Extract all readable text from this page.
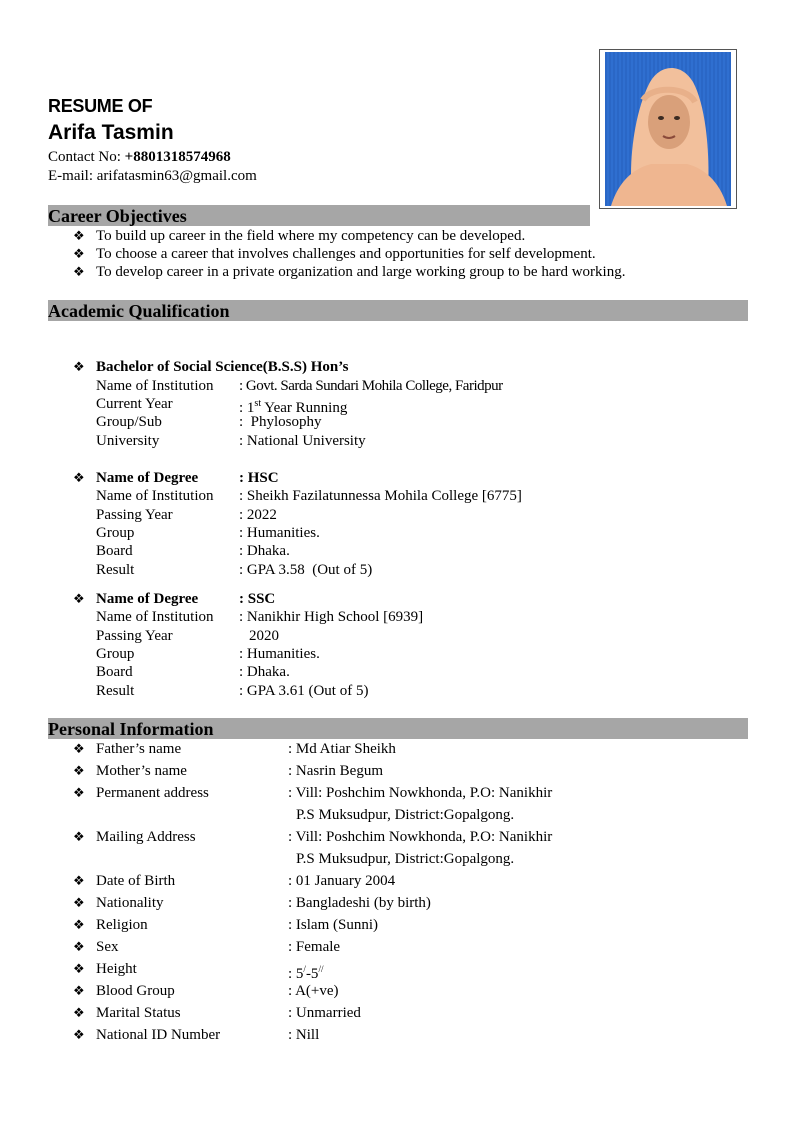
RESUME OF
Arifa Tasmin
Contact No: +8801318574968
E-mail: arifatasmin63@gmail.com
Career Objectives
❖ To build up career in the field where my competency can be developed.
❖ To choose a career that involves challenges and opportunities for self development.
❖ To develop career in a private organization and large working group to be hard working.
Academic Qualification
❖ Bachelor of Social Science(B.S.S) Hon’s
Name of Institution : Govt. Sarda Sundari Mohila College, Faridpur
Current Year	: 1st Year Running
Group/Sub	:  Phylosophy
University	: National University
❖ Name of Degree	: HSC
Name of Institution : Sheikh Fazilatunnessa Mohila College [6775]
Passing Year	: 2022
Group	: Humanities.
Board	: Dhaka.
Result	: GPA 3.58  (Out of 5)
❖ Name of Degree	: SSC
Name of Institution : Nanikhir High School [6939]
Passing Year	2020
Group	: Humanities.
Board	: Dhaka.
Result	: GPA 3.61 (Out of 5)
Personal Information
❖ Father’s name	: Md Atiar Sheikh
❖ Mother’s name	: Nasrin Begum
❖ Permanent address	: Vill: Poshchim Nowkhonda, P.O: Nanikhir
P.S Muksudpur, District:Gopalgong.
❖ Mailing Address	: Vill: Poshchim Nowkhonda, P.O: Nanikhir
P.S Muksudpur, District:Gopalgong.
❖ Date of Birth	: 01 January 2004
❖ Nationality	: Bangladeshi (by birth)
❖ Religion	: Islam (Sunni)
❖ Sex	: Female
❖ Height	: 5/-5//
❖ Blood Group	: A(+ve)
❖ Marital Status	: Unmarried
❖ National ID Number	: Nill
